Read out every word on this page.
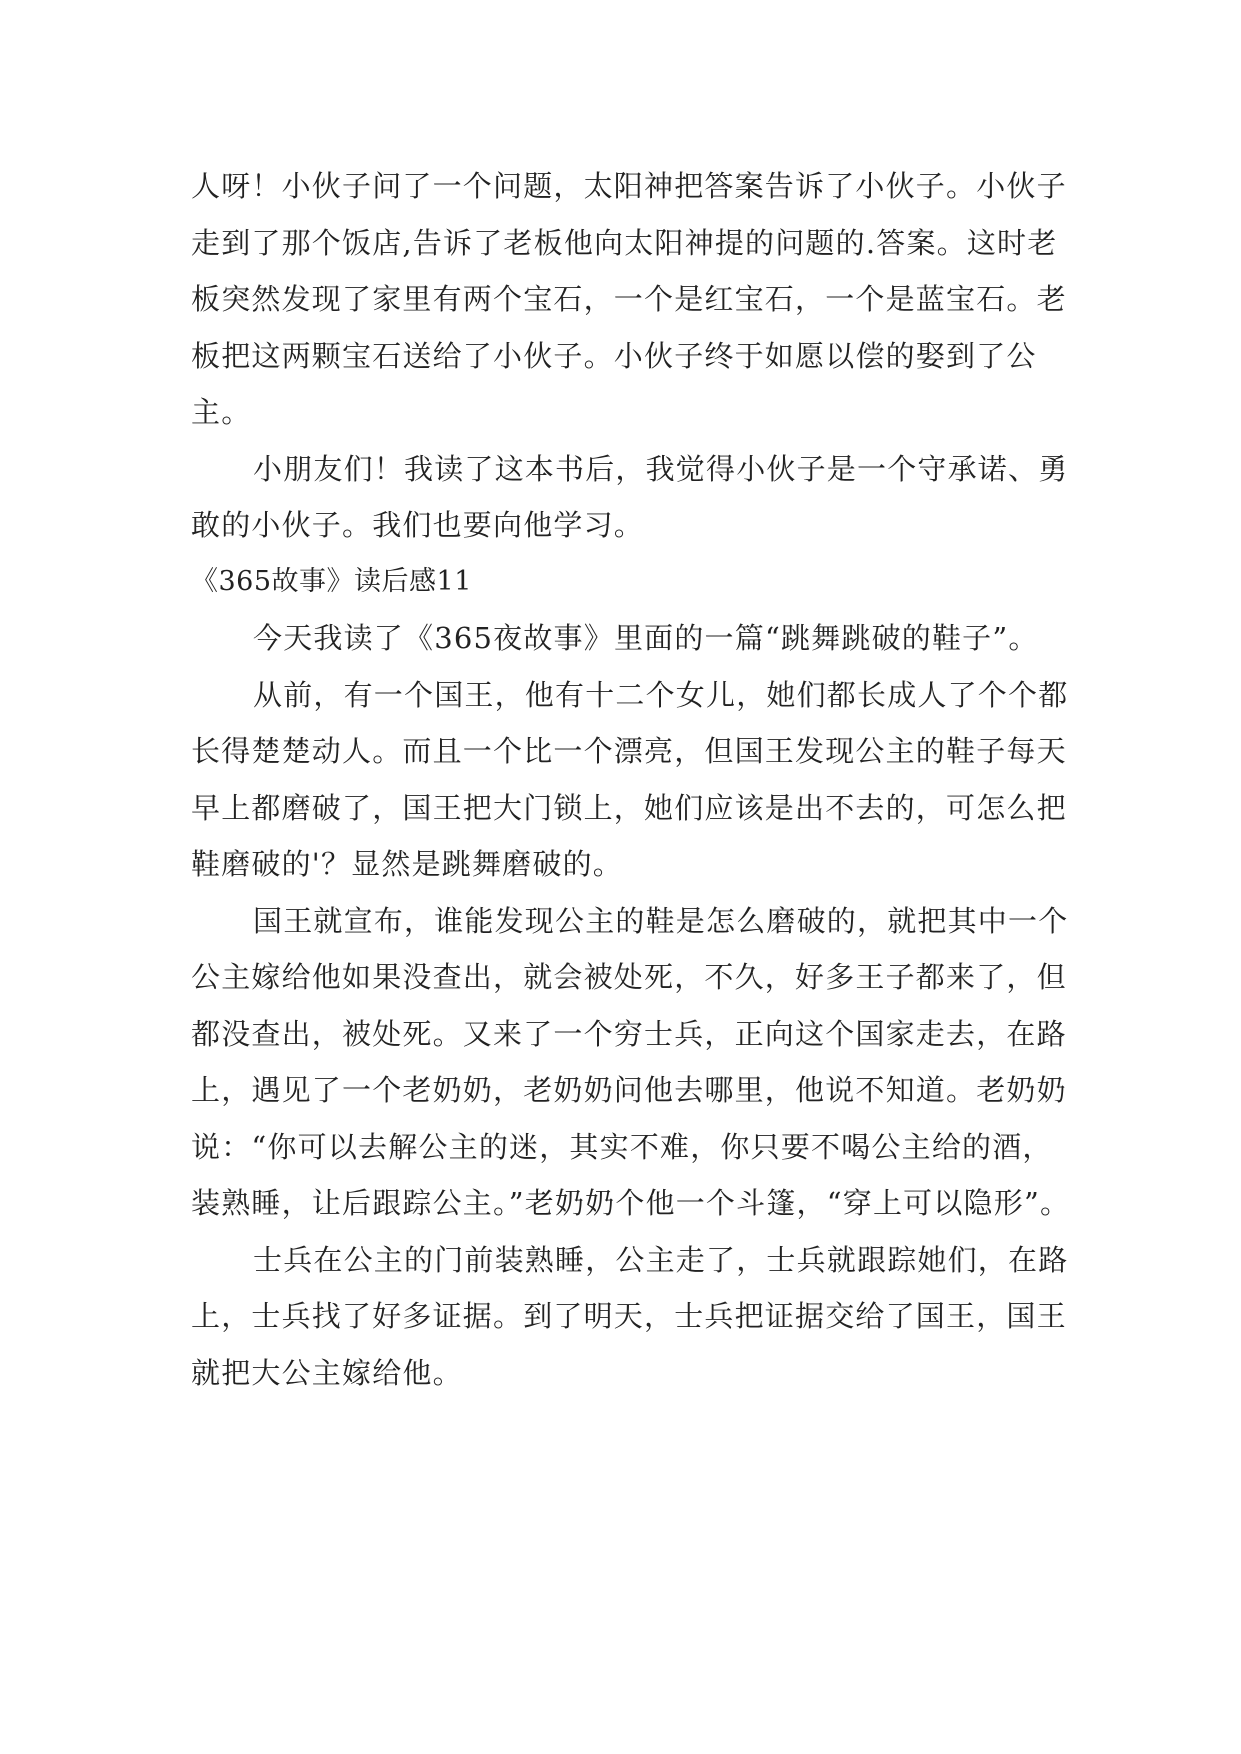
人呀！小伙子问了一个问题，太阳神把答案告诉了小伙子。小伙子走到了那个饭店,告诉了老板他向太阳神提的问题的.答案。这时老板突然发现了家里有两个宝石，一个是红宝石，一个是蓝宝石。老板把这两颗宝石送给了小伙子。小伙子终于如愿以偿的娶到了公主。

小朋友们！我读了这本书后，我觉得小伙子是一个守承诺、勇敢的小伙子。我们也要向他学习。

《365故事》读后感11

今天我读了《365夜故事》里面的一篇“跳舞跳破的鞋子”。

从前，有一个国王，他有十二个女儿，她们都长成人了个个都长得楚楚动人。而且一个比一个漂亮，但国王发现公主的鞋子每天早上都磨破了，国王把大门锁上，她们应该是出不去的，可怎么把鞋磨破的'？显然是跳舞磨破的。

国王就宣布，谁能发现公主的鞋是怎么磨破的，就把其中一个公主嫁给他如果没查出，就会被处死，不久，好多王子都来了，但都没查出，被处死。又来了一个穷士兵，正向这个国家走去，在路上，遇见了一个老奶奶，老奶奶问他去哪里，他说不知道。老奶奶说：“你可以去解公主的迷，其实不难，你只要不喝公主给的酒，装熟睡，让后跟踪公主。”老奶奶个他一个斗篷，“穿上可以隐形”。

士兵在公主的门前装熟睡，公主走了，士兵就跟踪她们，在路上，士兵找了好多证据。到了明天，士兵把证据交给了国王，国王就把大公主嫁给他。
